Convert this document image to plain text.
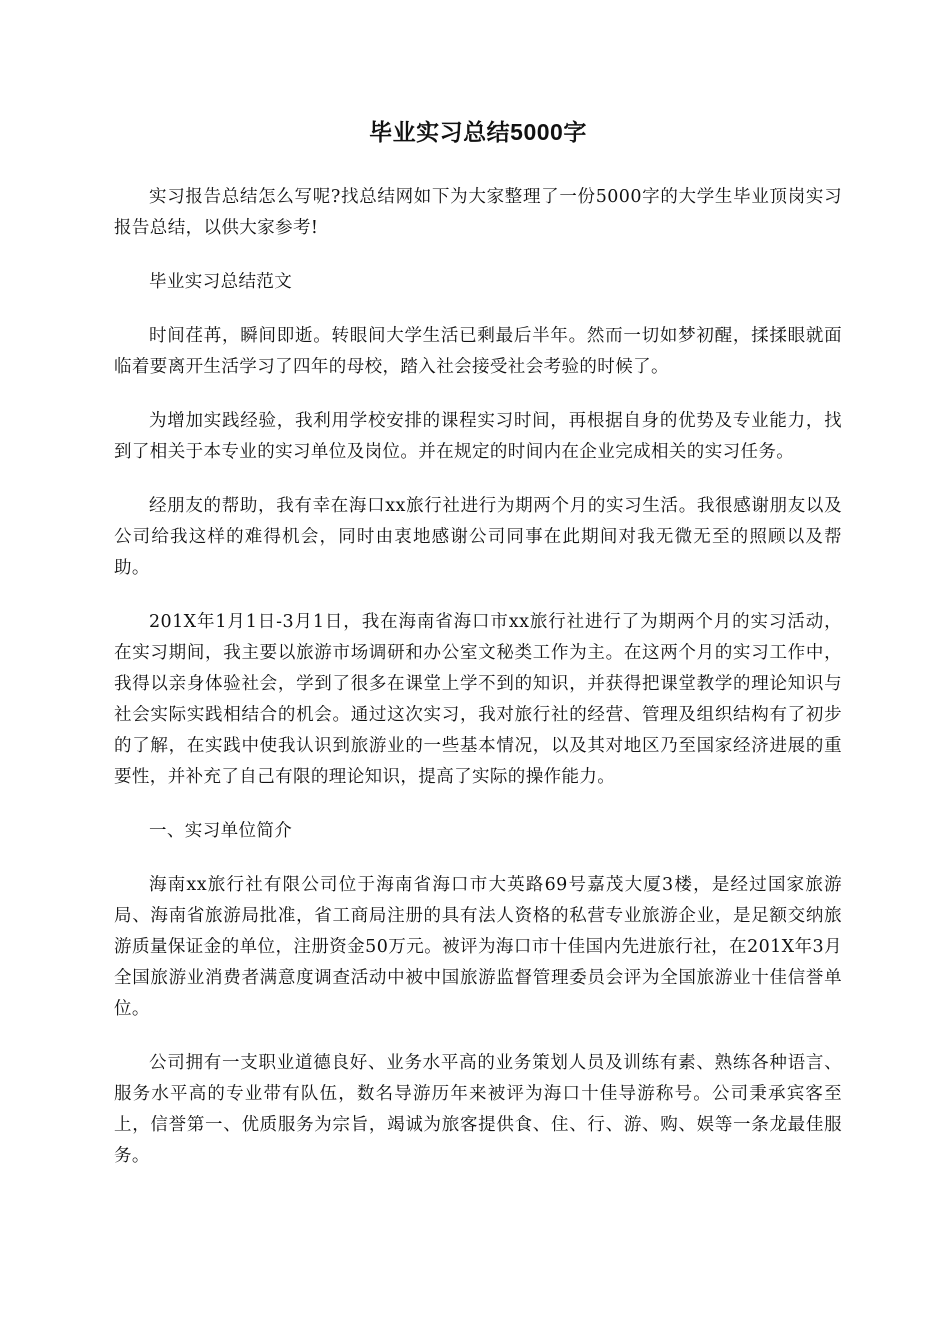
毕业实习总结5000字

实习报告总结怎么写呢?找总结网如下为大家整理了一份5000字的大学生毕业顶岗实习报告总结，以供大家参考!

毕业实习总结范文

时间荏苒，瞬间即逝。转眼间大学生活已剩最后半年。然而一切如梦初醒，揉揉眼就面临着要离开生活学习了四年的母校，踏入社会接受社会考验的时候了。

为增加实践经验，我利用学校安排的课程实习时间，再根据自身的优势及专业能力，找到了相关于本专业的实习单位及岗位。并在规定的时间内在企业完成相关的实习任务。

经朋友的帮助，我有幸在海口xx旅行社进行为期两个月的实习生活。我很感谢朋友以及公司给我这样的难得机会，同时由衷地感谢公司同事在此期间对我无微无至的照顾以及帮助。

201X年1月1日-3月1日，我在海南省海口市xx旅行社进行了为期两个月的实习活动，在实习期间，我主要以旅游市场调研和办公室文秘类工作为主。在这两个月的实习工作中，我得以亲身体验社会，学到了很多在课堂上学不到的知识，并获得把课堂教学的理论知识与社会实际实践相结合的机会。通过这次实习，我对旅行社的经营、管理及组织结构有了初步的了解，在实践中使我认识到旅游业的一些基本情况，以及其对地区乃至国家经济进展的重要性，并补充了自己有限的理论知识，提高了实际的操作能力。

一、实习单位简介

海南xx旅行社有限公司位于海南省海口市大英路69号嘉茂大厦3楼，是经过国家旅游局、海南省旅游局批准，省工商局注册的具有法人资格的私营专业旅游企业，是足额交纳旅游质量保证金的单位，注册资金50万元。被评为海口市十佳国内先进旅行社，在201X年3月全国旅游业消费者满意度调查活动中被中国旅游监督管理委员会评为全国旅游业十佳信誉单位。

公司拥有一支职业道德良好、业务水平高的业务策划人员及训练有素、熟练各种语言、服务水平高的专业带有队伍，数名导游历年来被评为海口十佳导游称号。公司秉承宾客至上，信誉第一、优质服务为宗旨，竭诚为旅客提供食、住、行、游、购、娱等一条龙最佳服务。
